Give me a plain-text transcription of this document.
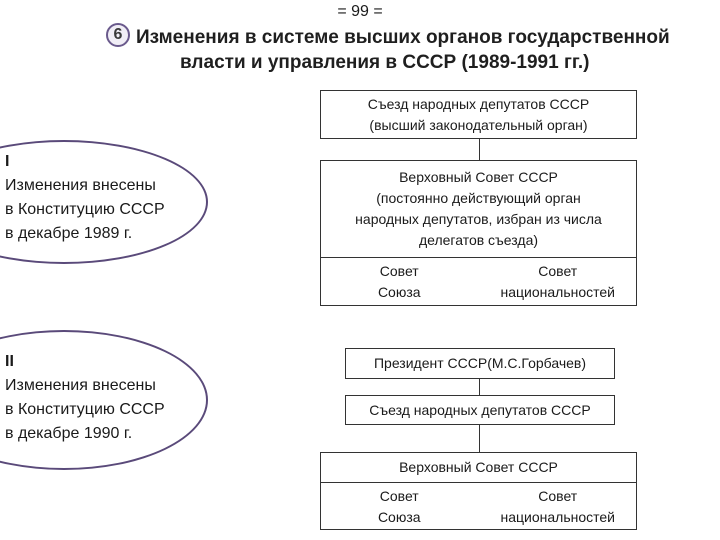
= 99 =
6 Изменения в системе высших органов государственной
власти и управления в СССР (1989-1991 гг.)
I
Изменения внесены
в Конституцию СССР
в декабре 1989 г.
II
Изменения внесены
в Конституцию СССР
в декабре 1990 г.
Съезд народных депутатов СССР
(высший законодательный орган)
Верховный Совет СССР
(постоянно действующий орган
народных депутатов, избран из числа
делегатов съезда)
Совет
Союза
Совет
национальностей
Президент СССР(М.С.Горбачев)
Съезд народных депутатов СССР
Верховный Совет СССР
Совет
Союза
Совет
национальностей
